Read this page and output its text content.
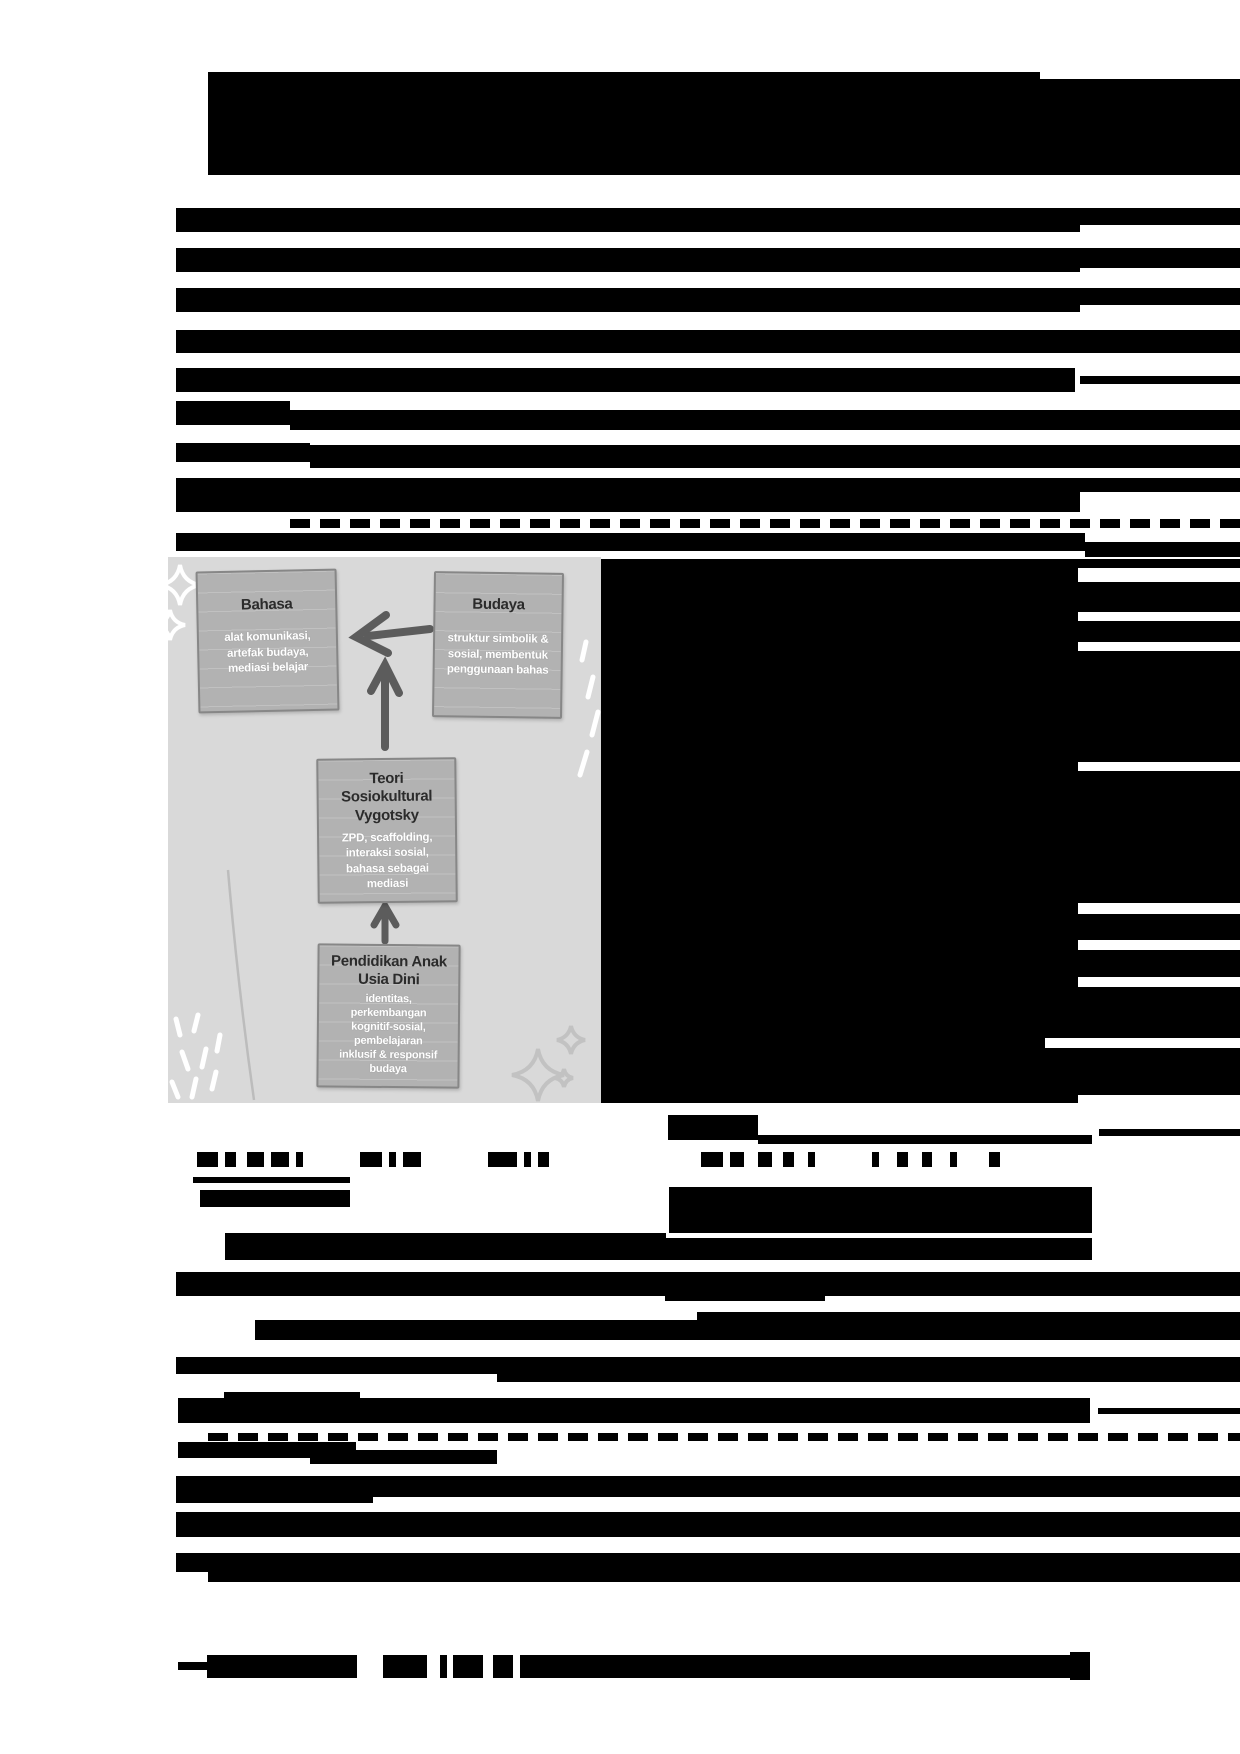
Bahasa
alat komunikasi,
artefak budaya,
mediasi belajar
Budaya
struktur simbolik &
sosial, membentuk
penggunaan bahas
Teori
Sosiokultural
Vygotsky
ZPD, scaffolding,
interaksi sosial,
bahasa sebagai
mediasi
Pendidikan Anak
Usia Dini
identitas,
perkembangan
kognitif-sosial,
pembelajaran
inklusif & responsif
budaya
